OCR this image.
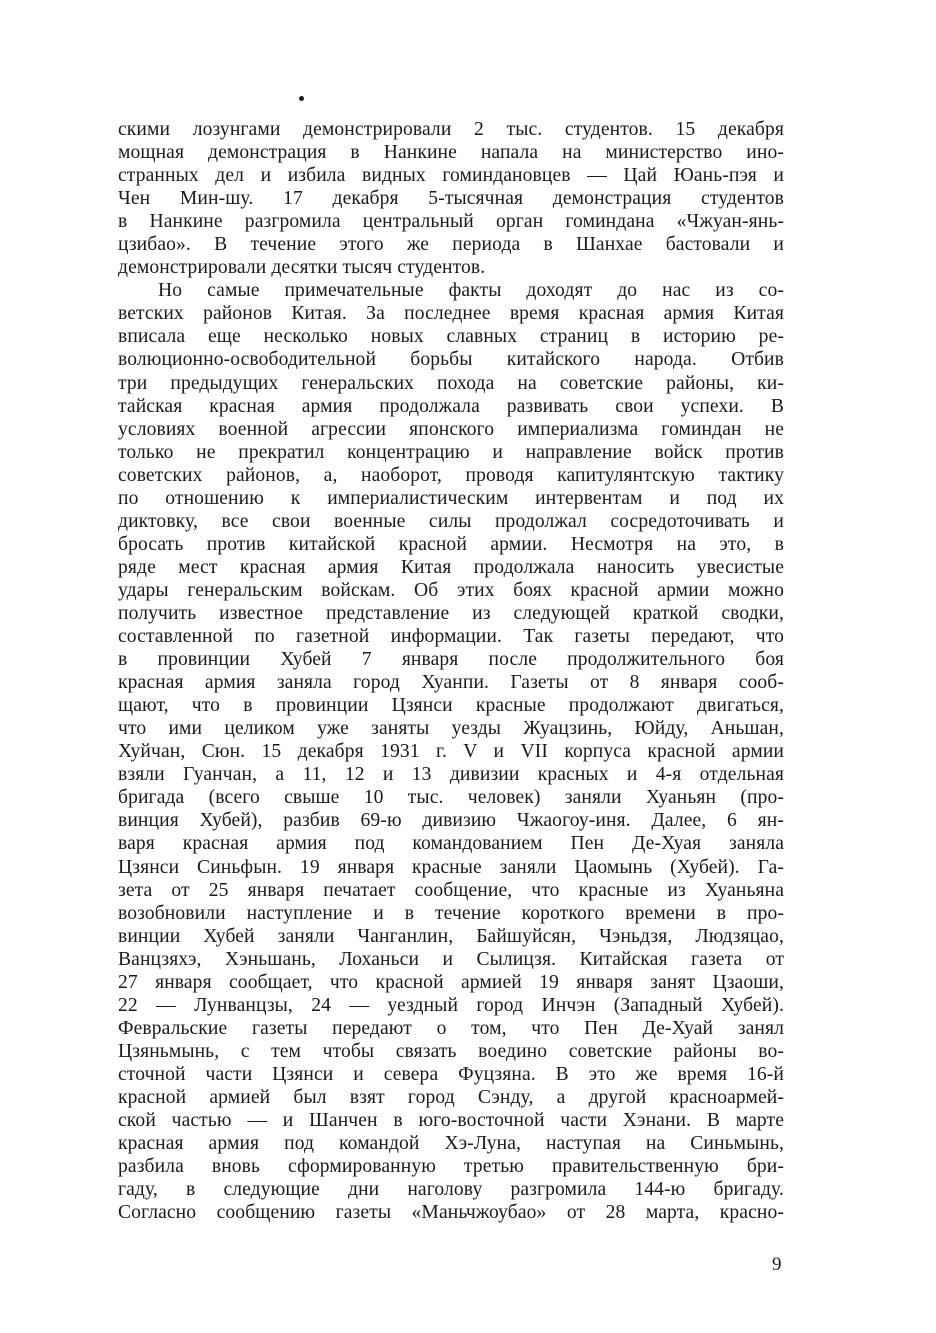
скими лозунгами демонстрировали 2 тыс. студентов. 15 декабря
мощная демонстрация в Нанкине напала на министерство ино-
странных дел и избила видных гоминдановцев — Цай Юань-пэя и
Чен Мин-шу. 17 декабря 5-тысячная демонстрация студентов
в Нанкине разгромила центральный орган гоминдана «Чжуан-янь-
цзибао». В течение этого же периода в Шанхае бастовали и
демонстрировали десятки тысяч студентов.

Но самые примечательные факты доходят до нас из со-
ветских районов Китая. За последнее время красная армия Китая
вписала еще несколько новых славных страниц в историю ре-
волюционно-освободительной борьбы китайского народа. Отбив
три предыдущих генеральских похода на советские районы, ки-
тайская красная армия продолжала развивать свои успехи. В
условиях военной агрессии японского империализма гоминдан не
только не прекратил концентрацию и направление войск против
советских районов, а, наоборот, проводя капитулянтскую тактику
по отношению к империалистическим интервентам и под их
диктовку, все свои военные силы продолжал сосредоточивать и
бросать против китайской красной армии. Несмотря на это, в
ряде мест красная армия Китая продолжала наносить увесистые
удары генеральским войскам. Об этих боях красной армии можно
получить известное представление из следующей краткой сводки,
составленной по газетной информации. Так газеты передают, что
в провинции Хубей 7 января после продолжительного боя
красная армия заняла город Хуанпи. Газеты от 8 января сооб-
щают, что в провинции Цзянси красные продолжают двигаться,
что ими целиком уже заняты уезды Жуацзинь, Юйду, Аньшан,
Хуйчан, Сюн. 15 декабря 1931 г. V и VII корпуса красной армии
взяли Гуанчан, а 11, 12 и 13 дивизии красных и 4-я отдельная
бригада (всего свыше 10 тыс. человек) заняли Хуаньян (про-
винция Хубей), разбив 69-ю дивизию Чжаогоу-иня. Далее, 6 ян-
варя красная армия под командованием Пен Де-Хуая заняла
Цзянси Синьфын. 19 января красные заняли Цаомынь (Хубей). Га-
зета от 25 января печатает сообщение, что красные из Хуаньяна
возобновили наступление и в течение короткого времени в про-
винции Хубей заняли Чанганлин, Байшуйсян, Чэньдзя, Людзяцао,
Ванцзяхэ, Хэньшань, Лоханьси и Сылицзя. Китайская газета от
27 января сообщает, что красной армией 19 января занят Цзаоши,
22 — Лунванцзы, 24 — уездный город Инчэн (Западный Хубей).
Февральские газеты передают о том, что Пен Де-Хуай занял
Цзяньмынь, с тем чтобы связать воедино советские районы во-
сточной части Цзянси и севера Фуцзяна. В это же время 16-й
красной армией был взят город Сэнду, а другой красноармей-
ской частью — и Шанчен в юго-восточной части Хэнани. В марте
красная армия под командой Хэ-Луна, наступая на Синьмынь,
разбила вновь сформированную третью правительственную бри-
гаду, в следующие дни наголову разгромила 144-ю бригаду.
Согласно сообщению газеты «Маньчжоубао» от 28 марта, красно-

9
